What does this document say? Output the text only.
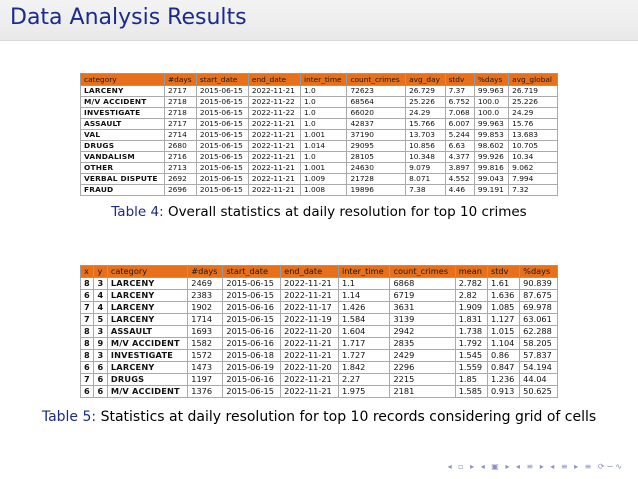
Data Analysis Results
category	#days	start_date	end_date	inter_time	count_crimes	avg_day	stdv	%days	avg_global
LARCENY	2717	2015-06-15	2022-11-21	1.0	72623	26.729	7.37	99.963	26.719
M/V ACCIDENT	2718	2015-06-15	2022-11-22	1.0	68564	25.226	6.752	100.0	25.226
INVESTIGATE	2718	2015-06-15	2022-11-22	1.0	66020	24.29	7.068	100.0	24.29
ASSAULT	2717	2015-06-15	2022-11-21	1.0	42837	15.766	6.007	99.963	15.76
VAL	2714	2015-06-15	2022-11-21	1.001	37190	13.703	5.244	99.853	13.683
DRUGS	2680	2015-06-15	2022-11-21	1.014	29095	10.856	6.63	98.602	10.705
VANDALISM	2716	2015-06-15	2022-11-21	1.0	28105	10.348	4.377	99.926	10.34
OTHER	2713	2015-06-15	2022-11-21	1.001	24630	9.079	3.897	99.816	9.062
VERBAL DISPUTE	2692	2015-06-15	2022-11-21	1.009	21728	8.071	4.552	99.043	7.994
FRAUD	2696	2015-06-15	2022-11-21	1.008	19896	7.38	4.46	99.191	7.32
Table 4: Overall statistics at daily resolution for top 10 crimes
x	y	category	#days	start_date	end_date	inter_time	count_crimes	mean	stdv	%days
8	3	LARCENY	2469	2015-06-15	2022-11-21	1.1	6868	2.782	1.61	90.839
6	4	LARCENY	2383	2015-06-15	2022-11-21	1.14	6719	2.82	1.636	87.675
7	4	LARCENY	1902	2015-06-16	2022-11-17	1.426	3631	1.909	1.085	69.978
7	5	LARCENY	1714	2015-06-15	2022-11-19	1.584	3139	1.831	1.127	63.061
8	3	ASSAULT	1693	2015-06-16	2022-11-20	1.604	2942	1.738	1.015	62.288
8	9	M/V ACCIDENT	1582	2015-06-16	2022-11-21	1.717	2835	1.792	1.104	58.205
8	3	INVESTIGATE	1572	2015-06-18	2022-11-21	1.727	2429	1.545	0.86	57.837
6	6	LARCENY	1473	2015-06-19	2022-11-20	1.842	2296	1.559	0.847	54.194
7	6	DRUGS	1197	2015-06-16	2022-11-21	2.27	2215	1.85	1.236	44.04
6	6	M/V ACCIDENT	1376	2015-06-15	2022-11-21	1.975	2181	1.585	0.913	50.625
Table 5: Statistics at daily resolution for top 10 records considering grid of cells
◂ ▫ ▸ ◂ ▣ ▸ ◂ ≡ ▸ ◂ ≡ ▸ ≡ ⟳∽∿
